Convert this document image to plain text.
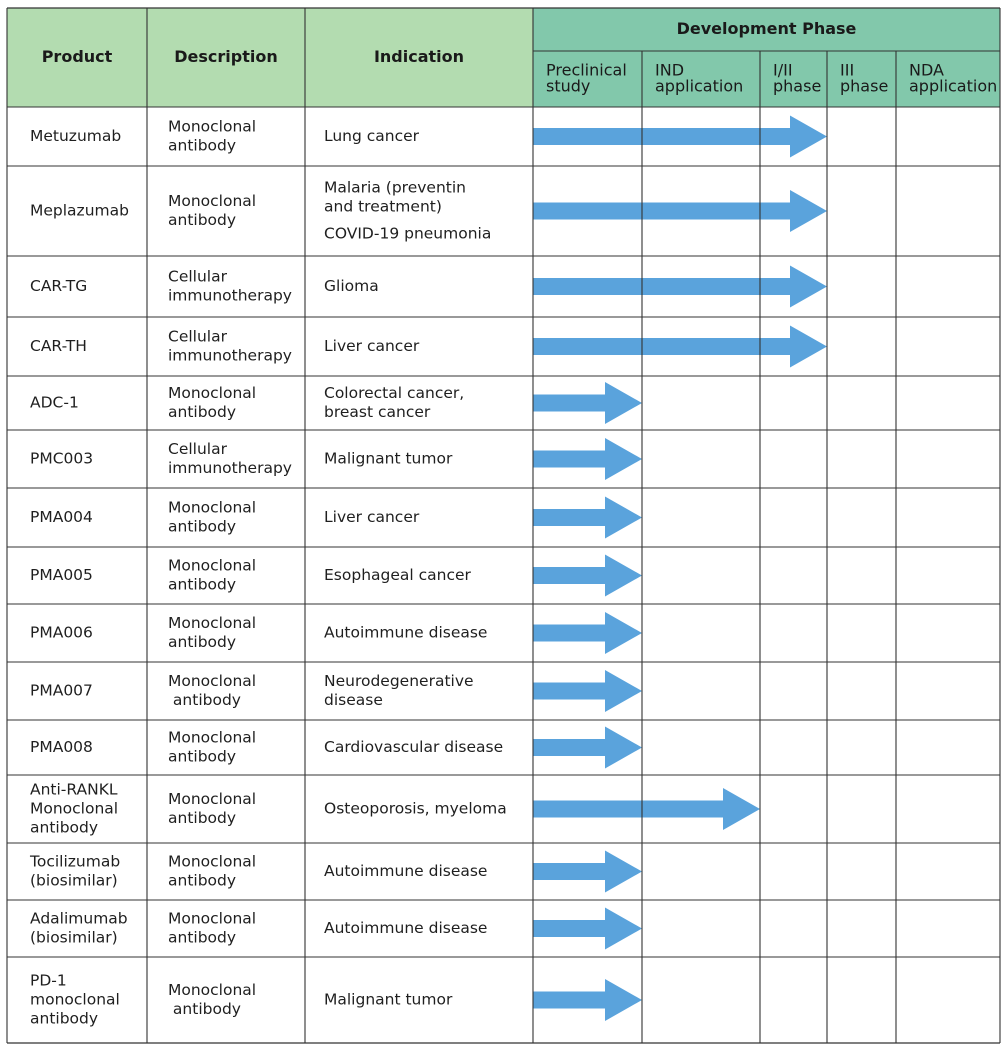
Product	Description	Indication
Development Phase
Preclinical
study
IND
application
I/II
phase
III
phase
NDA
application
Metuzumab
Monoclonal
antibody
Lung cancer
Meplazumab
Monoclonal
antibody
Malaria (preventin
and treatment)
COVID-19 pneumonia
CAR-TG
Cellular
immunotherapy
Glioma
CAR-TH
Cellular
immunotherapy
Liver cancer
ADC-1
Monoclonal
antibody
Colorectal cancer,
breast cancer
PMC003
Cellular
immunotherapy
Malignant tumor
PMA004
Monoclonal
antibody
Liver cancer
PMA005
Monoclonal
antibody
Esophageal cancer
PMA006
Monoclonal
antibody
Autoimmune disease
PMA007
Monoclonal
antibody
Neurodegenerative
disease
PMA008
Monoclonal
antibody
Cardiovascular disease
Anti-RANKL
Monoclonal
antibody
Monoclonal
antibody
Osteoporosis, myeloma
Tocilizumab
(biosimilar)
Monoclonal
antibody
Autoimmune disease
Adalimumab
(biosimilar)
Monoclonal
antibody
Autoimmune disease
PD-1
monoclonal
antibody
Monoclonal
antibody
Malignant tumor
